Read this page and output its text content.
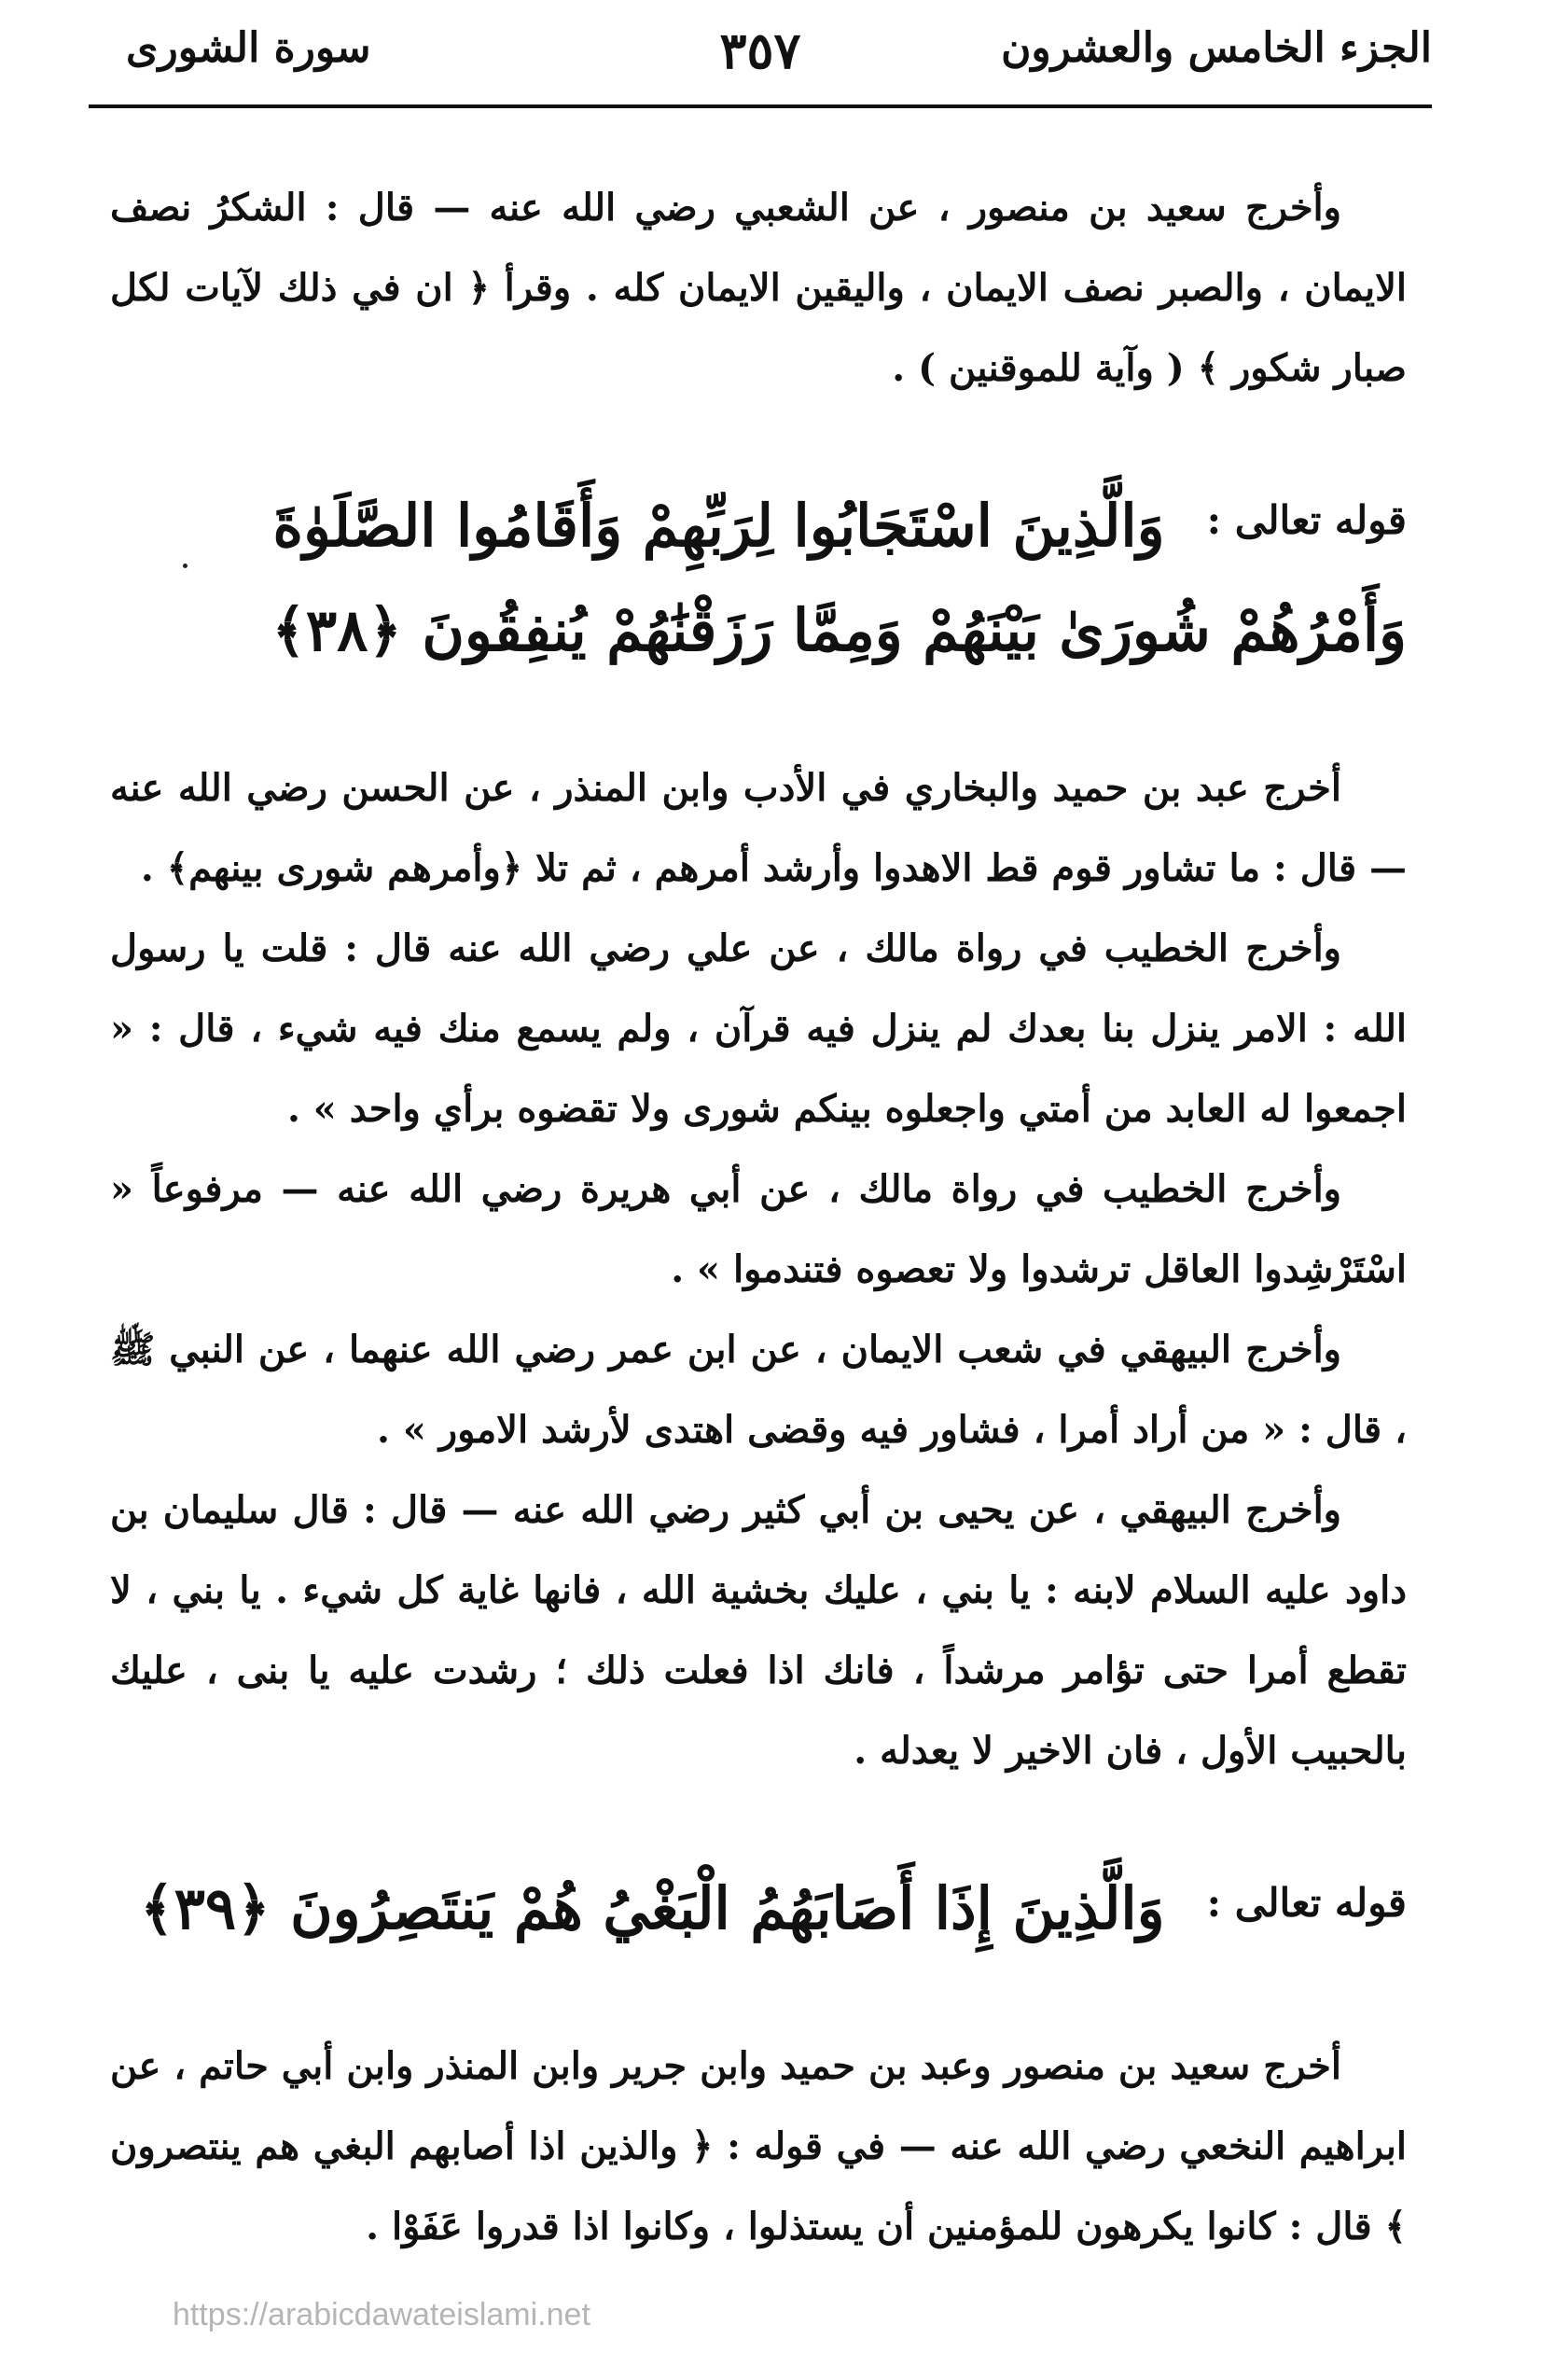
الجزء الخامس والعشرون
٣٥٧
سورة الشورى

وأخرج سعيد بن منصور ، عن الشعبي رضي الله عنه — قال : الشكرُ نصف الايمان ، والصبر نصف الايمان ، واليقين الايمان كله . وقرأ ﴿ ان في ذلك لآيات لكل صبار شكور ﴾ ( وآية للموقنين ) .

قوله تعالى : وَالَّذِينَ اسْتَجَابُوا لِرَبِّهِمْ وَأَقَامُوا الصَّلَوٰةَ وَأَمْرُهُمْ شُورَىٰ بَيْنَهُمْ وَمِمَّا رَزَقْنَٰهُمْ يُنفِقُونَ ﴿٣٨﴾

أخرج عبد بن حميد والبخاري في الأدب وابن المنذر ، عن الحسن رضي الله عنه — قال : ما تشاور قوم قط الاهدوا وأرشد أمرهم ، ثم تلا ﴿وأمرهم شورى بينهم﴾ .

وأخرج الخطيب في رواة مالك ، عن علي رضي الله عنه قال : قلت يا رسول الله : الامر ينزل بنا بعدك لم ينزل فيه قرآن ، ولم يسمع منك فيه شيء ، قال : « اجمعوا له العابد من أمتي واجعلوه بينكم شورى ولا تقضوه برأي واحد » .

وأخرج الخطيب في رواة مالك ، عن أبي هريرة رضي الله عنه — مرفوعاً « اسْتَرْشِدوا العاقل ترشدوا ولا تعصوه فتندموا » .

وأخرج البيهقي في شعب الايمان ، عن ابن عمر رضي الله عنهما ، عن النبي ﷺ ، قال : « من أراد أمرا ، فشاور فيه وقضى اهتدى لأرشد الامور » .

وأخرج البيهقي ، عن يحيى بن أبي كثير رضي الله عنه — قال : قال سليمان بن داود عليه السلام لابنه : يا بني ، عليك بخشية الله ، فانها غاية كل شيء . يا بني ، لا تقطع أمرا حتى تؤامر مرشداً ، فانك اذا فعلت ذلك ؛ رشدت عليه يا بنى ، عليك بالحبيب الأول ، فان الاخير لا يعدله .

قوله تعالى : وَالَّذِينَ إِذَا أَصَابَهُمُ الْبَغْيُ هُمْ يَنتَصِرُونَ ﴿٣٩﴾

أخرج سعيد بن منصور وعبد بن حميد وابن جرير وابن المنذر وابن أبي حاتم ، عن ابراهيم النخعي رضي الله عنه — في قوله : ﴿ والذين اذا أصابهم البغي هم ينتصرون ﴾ قال : كانوا يكرهون للمؤمنين أن يستذلوا ، وكانوا اذا قدروا عَفَوْا .

https://arabicdawateislami.net
